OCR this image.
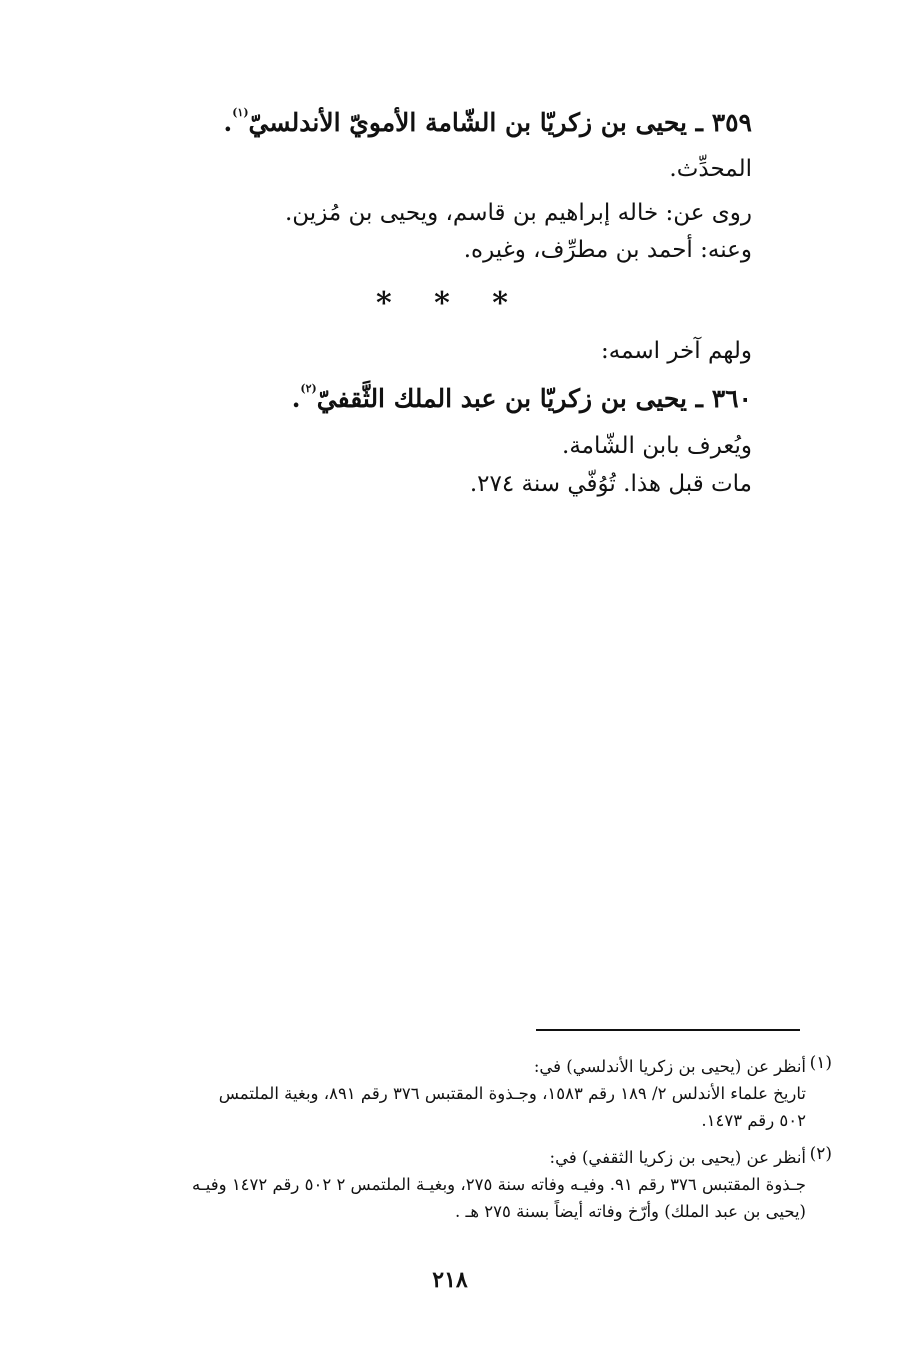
٣٥٩ ـ يحيى بن زكريّا بن الشّامة الأمويّ الأندلسيّ$^{(١)}$.
المحدِّث.
روى عن: خاله إبراهيم بن قاسم، ويحيى بن مُزين.
وعنه: أحمد بن مطرِّف، وغيره.
* * *
ولهم آخر اسمه:
٣٦٠ ـ يحيى بن زكريّا بن عبد الملك الثَّقفيّ$^{(٢)}$.
ويُعرف بابن الشّامة.
مات قبل هذا. تُوُفّي سنة ٢٧٤.
(١)
أنظر عن (يحيى بن زكريا الأندلسي) في:
تاريخ علماء الأندلس ٢/ ١٨٩ رقم ١٥٨٣، وجـذوة المقتبس ٣٧٦ رقم ٨٩١، وبغية الملتمس
٥٠٢ رقم ١٤٧٣.
(٢)
أنظر عن (يحيى بن زكريا الثقفي) في:
جـذوة المقتبس ٣٧٦ رقم ٩١. وفيـه وفاته سنة ٢٧٥، وبغيـة الملتمس ٢ ٥٠٢ رقم ١٤٧٢ وفيـه
(يحيى بن عبد الملك) وأرّخ وفاته أيضاً بسنة ٢٧٥ هـ .
٢١٨
